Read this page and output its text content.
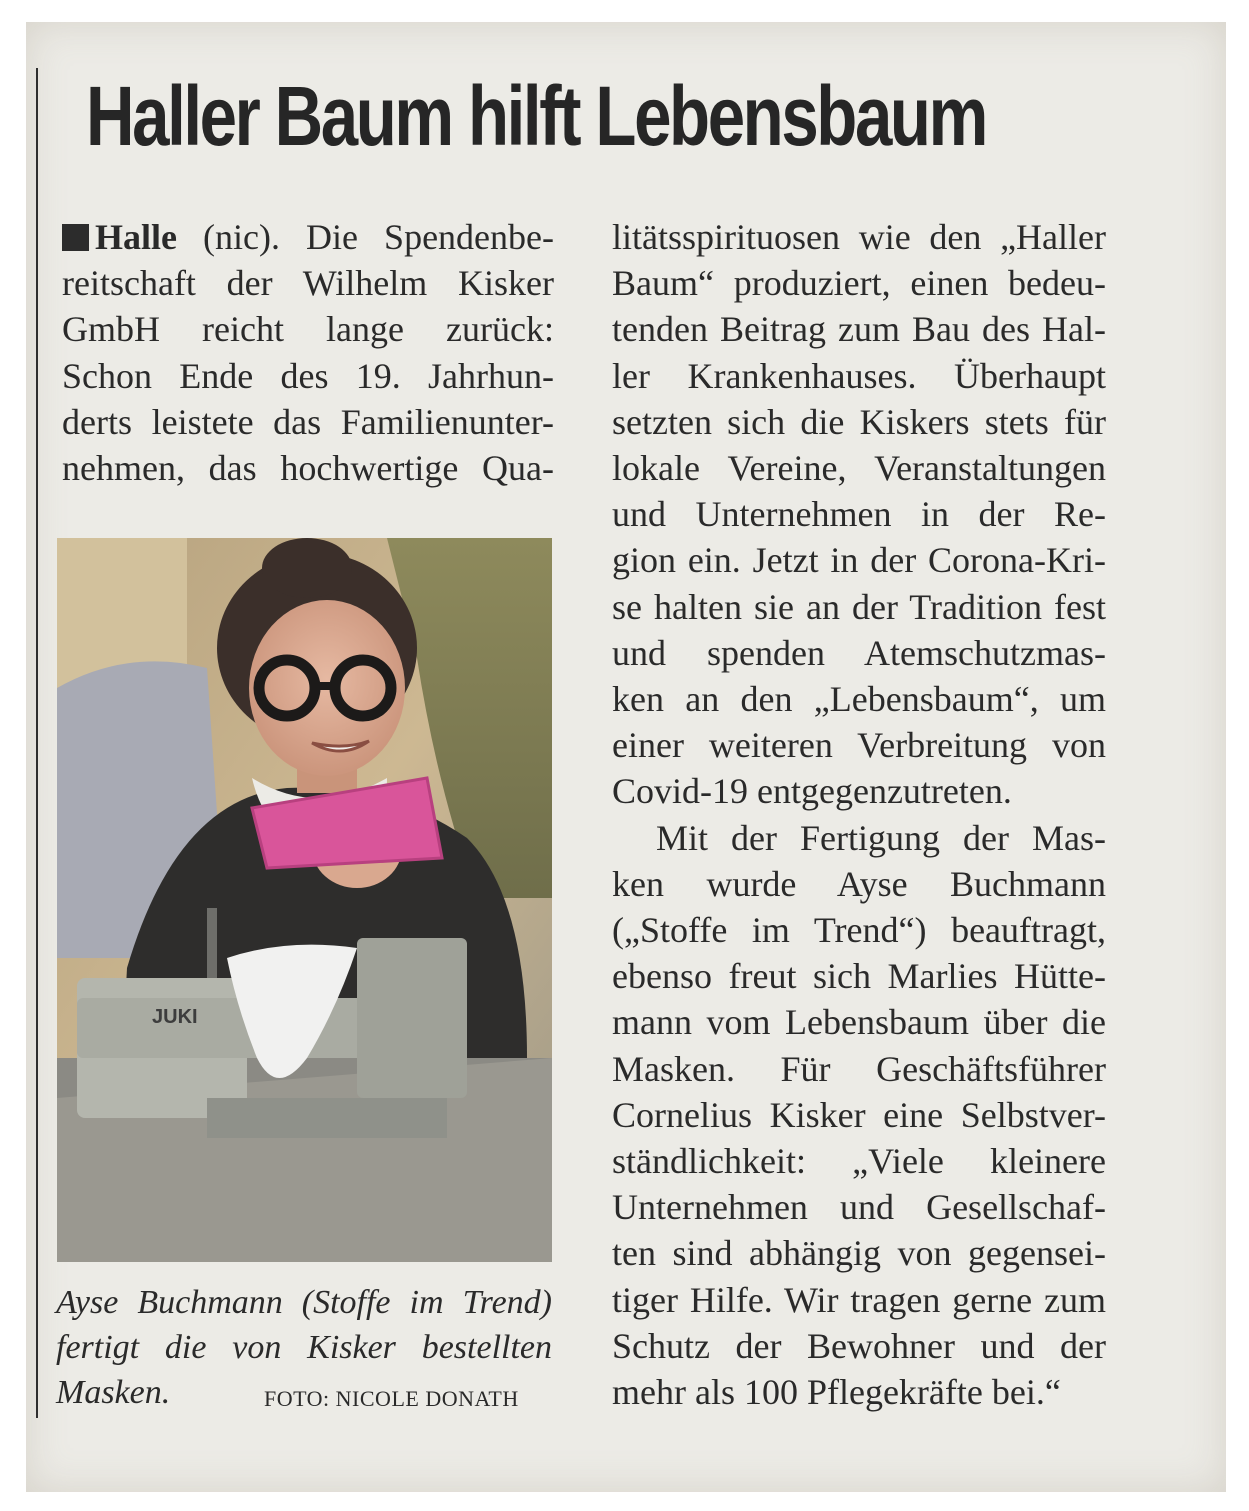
Haller Baum hilft Lebensbaum
Halle (nic). Die Spendenbe-
reitschaft der Wilhelm Kisker
GmbH reicht lange zurück:
Schon Ende des 19. Jahrhun-
derts leistete das Familienunter-
nehmen, das hochwertige Qua-
JUKI
Ayse Buchmann (Stoffe im Trend)
fertigt die von Kisker bestellten
Masken.	FOTO: NICOLE DONATH
litätsspirituosen wie den „Haller
Baum“ produziert, einen bedeu-
tenden Beitrag zum Bau des Hal-
ler Krankenhauses. Überhaupt
setzten sich die Kiskers stets für
lokale Vereine, Veranstaltungen
und Unternehmen in der Re-
gion ein. Jetzt in der Corona-Kri-
se halten sie an der Tradition fest
und spenden Atemschutzmas-
ken an den „Lebensbaum“, um
einer weiteren Verbreitung von
Covid-19 entgegenzutreten.
Mit der Fertigung der Mas-
ken wurde Ayse Buchmann
(„Stoffe im Trend“) beauftragt,
ebenso freut sich Marlies Hütte-
mann vom Lebensbaum über die
Masken. Für Geschäftsführer
Cornelius Kisker eine Selbstver-
ständlichkeit: „Viele kleinere
Unternehmen und Gesellschaf-
ten sind abhängig von gegensei-
tiger Hilfe. Wir tragen gerne zum
Schutz der Bewohner und der
mehr als 100 Pflegekräfte bei.“
